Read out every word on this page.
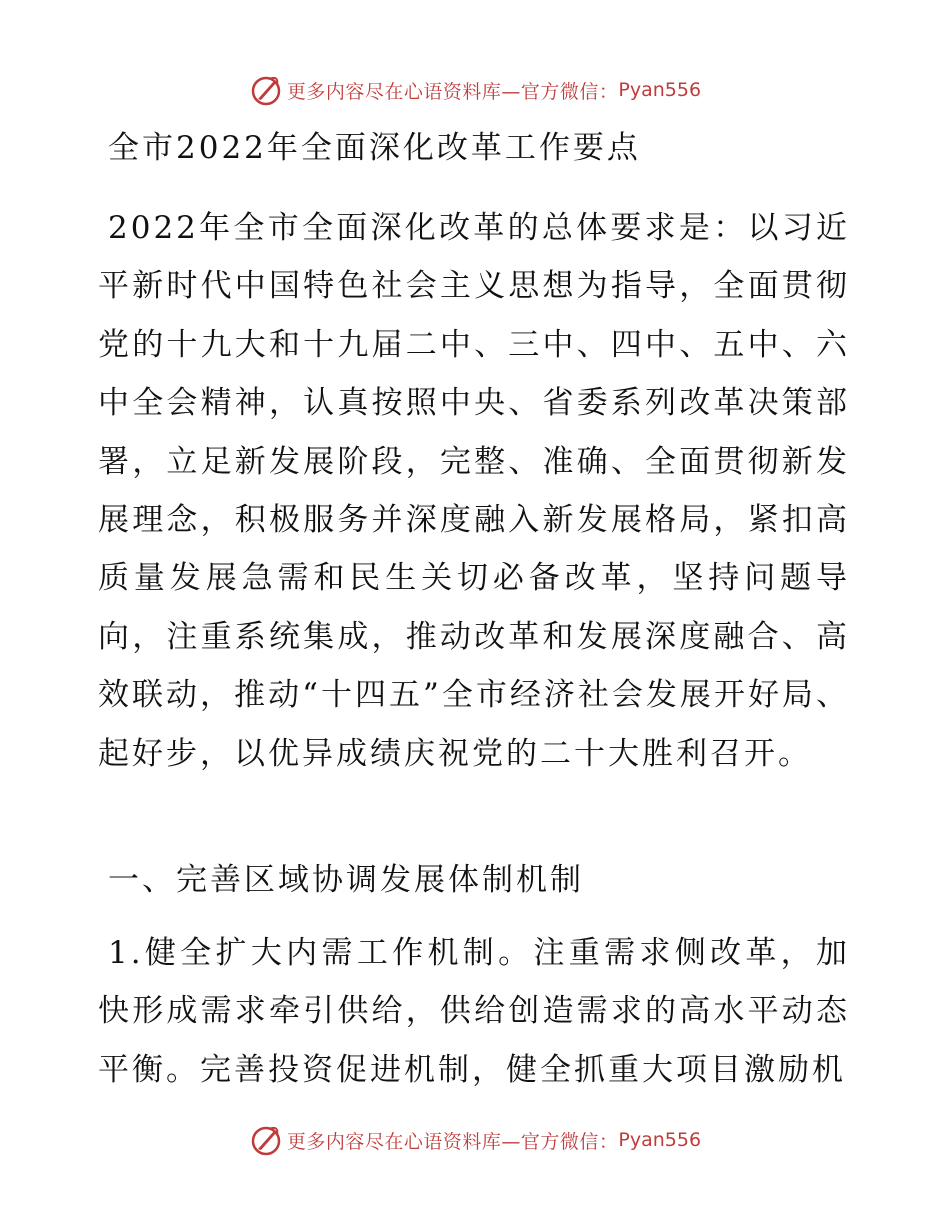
更多内容尽在心语资料库—官方微信： Pyan556
全市2022年全面深化改革工作要点

2022年全市全面深化改革的总体要求是：以习近平新时代中国特色社会主义思想为指导，全面贯彻党的十九大和十九届二中、三中、四中、五中、六中全会精神，认真按照中央、省委系列改革决策部署，立足新发展阶段，完整、准确、全面贯彻新发展理念，积极服务并深度融入新发展格局，紧扣高质量发展急需和民生关切必备改革，坚持问题导向，注重系统集成，推动改革和发展深度融合、高效联动，推动“十四五”全市经济社会发展开好局、起好步，以优异成绩庆祝党的二十大胜利召开。

一、完善区域协调发展体制机制

1.健全扩大内需工作机制。注重需求侧改革，加快形成需求牵引供给，供给创造需求的高水平动态平衡。完善投资促进机制，健全抓重大项目激励机

更多内容尽在心语资料库—官方微信： Pyan556
